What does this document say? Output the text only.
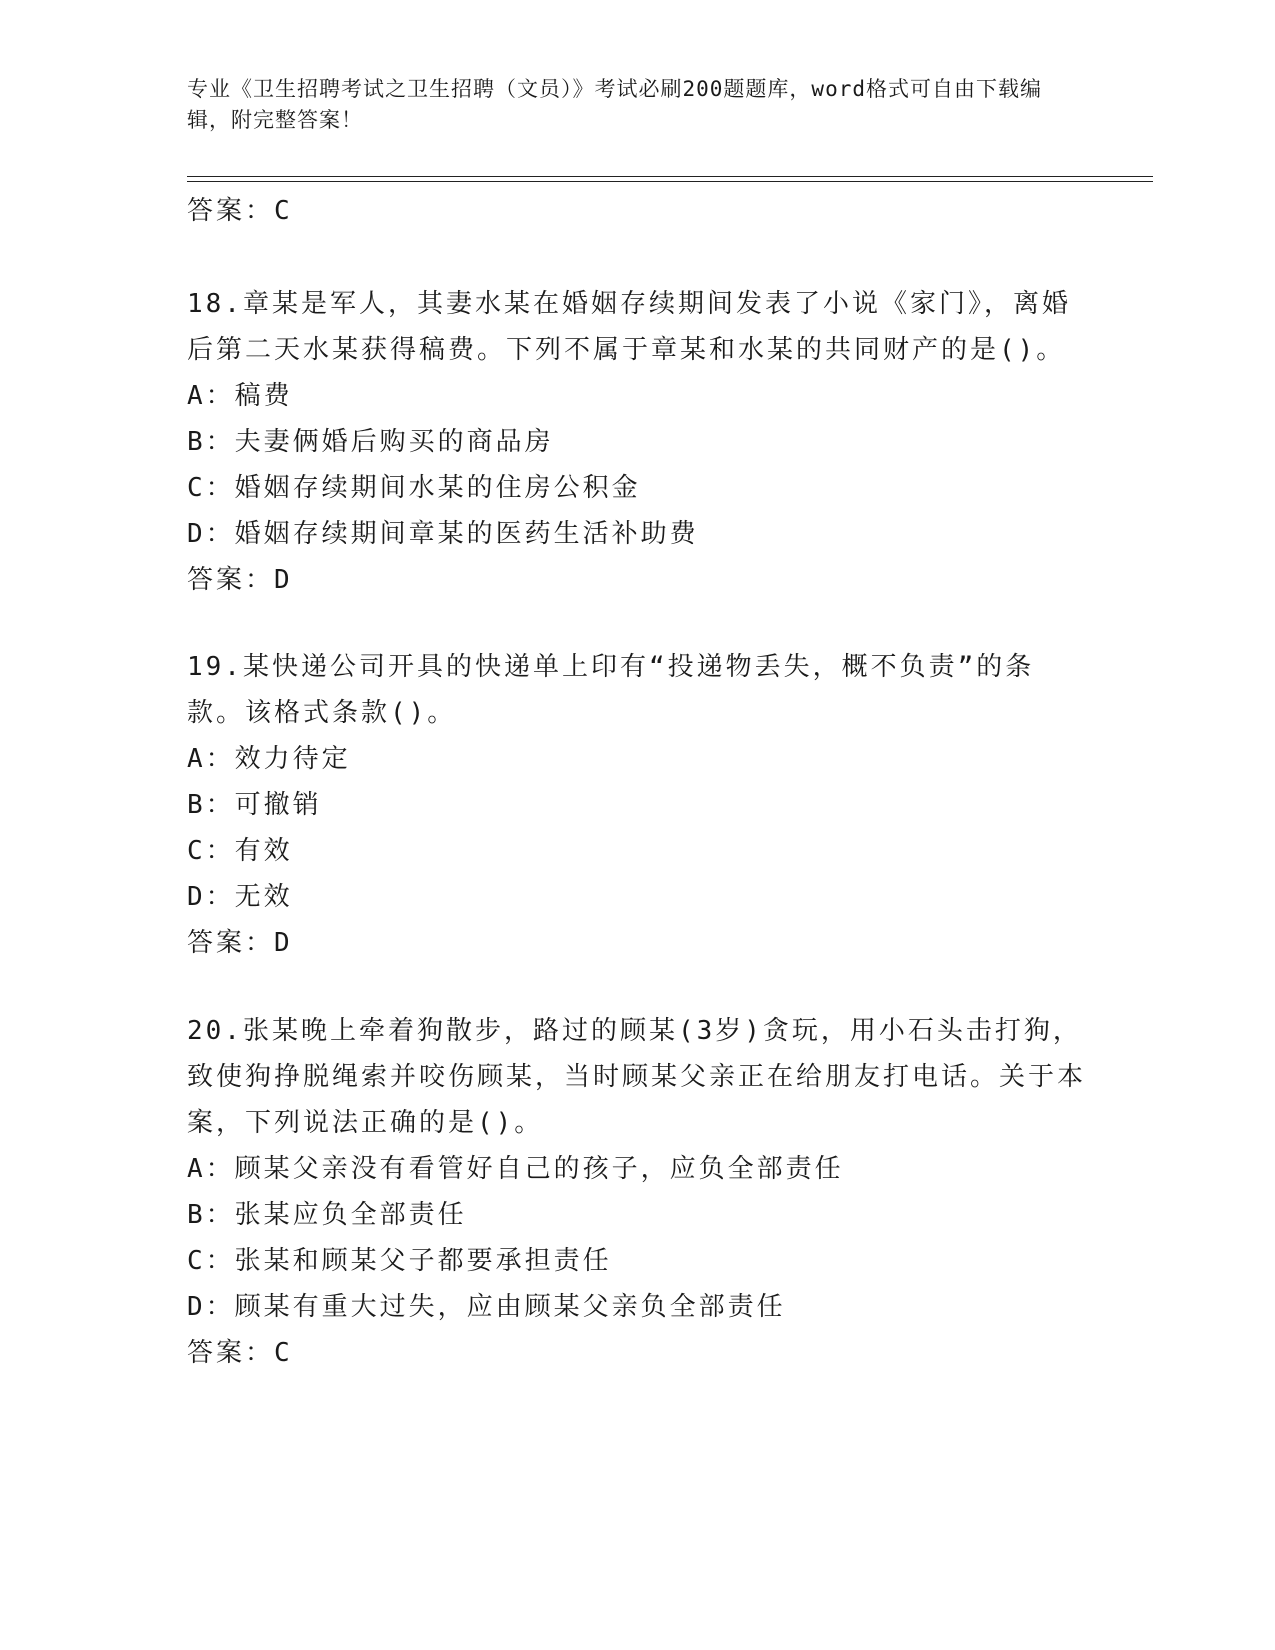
专业《卫生招聘考试之卫生招聘（文员）》考试必刷200题题库，word格式可自由下载编辑，附完整答案！
答案：C

18.章某是军人，其妻水某在婚姻存续期间发表了小说《家门》，离婚后第二天水某获得稿费。下列不属于章某和水某的共同财产的是()。

A：稿费

B：夫妻俩婚后购买的商品房

C：婚姻存续期间水某的住房公积金

D：婚姻存续期间章某的医药生活补助费

答案：D

19.某快递公司开具的快递单上印有“投递物丢失，概不负责”的条款。该格式条款()。

A：效力待定

B：可撤销

C：有效

D：无效

答案：D

20.张某晚上牵着狗散步，路过的顾某(3岁)贪玩，用小石头击打狗，致使狗挣脱绳索并咬伤顾某，当时顾某父亲正在给朋友打电话。关于本案，下列说法正确的是()。

A：顾某父亲没有看管好自己的孩子，应负全部责任

B：张某应负全部责任

C：张某和顾某父子都要承担责任

D：顾某有重大过失，应由顾某父亲负全部责任

答案：C
